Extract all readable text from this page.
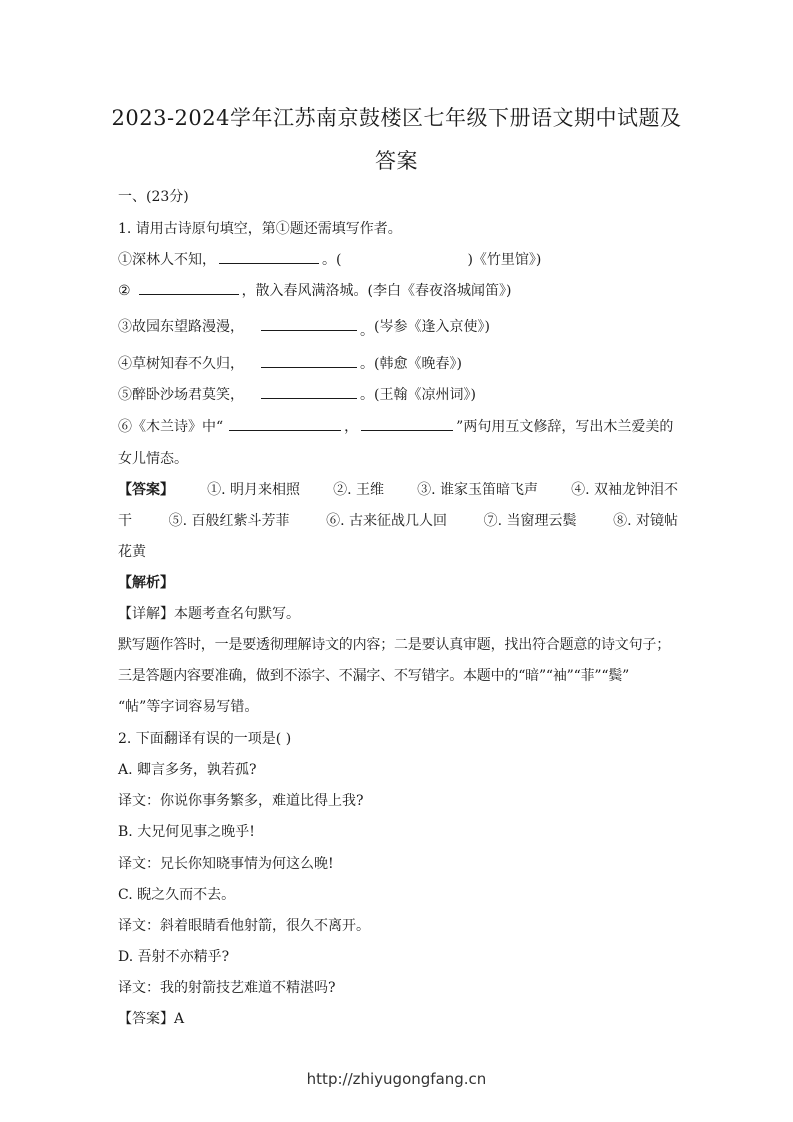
2023-2024学年江苏南京鼓楼区七年级下册语文期中试题及
答案
一、(23分)
1. 请用古诗原句填空，第①题还需填写作者。
①深林人不知，	。(	)《竹里馆》)
②	，散入春风满洛城。(李白《春夜洛城闻笛》)
③故园东望路漫漫，	。(岑参《逢入京使》)
④草树知春不久归，	。(韩愈《晚春》)
⑤醉卧沙场君莫笑，	。(王翰《凉州词》)
⑥《木兰诗》中“	，	”两句用互文修辞，写出木兰爱美的
女儿情态。
【答案】 ①. 明月来相照 ②. 王维 ③. 谁家玉笛暗飞声 ④. 双袖龙钟泪不
干	⑤. 百般红紫斗芳菲	⑥. 古来征战几人回	⑦. 当窗理云鬓	⑧. 对镜帖
花黄
【解析】
【详解】本题考查名句默写。
默写题作答时，一是要透彻理解诗文的内容；二是要认真审题，找出符合题意的诗文句子；
三是答题内容要准确，做到不添字、不漏字、不写错字。本题中的“暗”“袖”“菲”“鬓”
“帖”等字词容易写错。
2. 下面翻译有误的一项是( )
A. 卿言多务，孰若孤?
译文：你说你事务繁多，难道比得上我?
B. 大兄何见事之晚乎!
译文：兄长你知晓事情为何这么晚!
C. 睨之久而不去。
译文：斜着眼睛看他射箭，很久不离开。
D. 吾射不亦精乎?
译文：我的射箭技艺难道不精湛吗?
【答案】A
http://zhiyugongfang.cn
